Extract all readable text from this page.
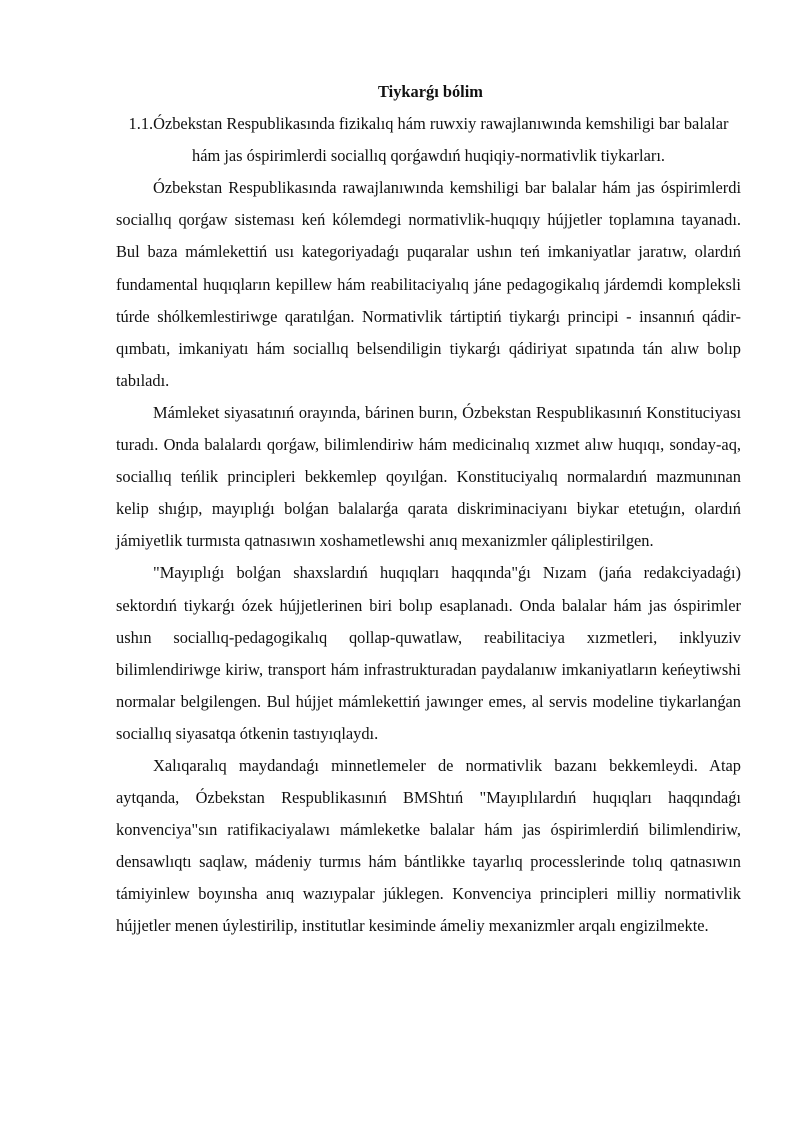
Tiykarǵı bólim

1.1.Ózbekstan Respublikasında fizikalıq hám ruwxiy rawajlanıwında kemshiligi bar balalar hám jas óspirimlerdi sociallıq qorǵawdıń huqiqiy-normativlik tiykarları.

Ózbekstan Respublikasında rawajlanıwında kemshiligi bar balalar hám jas óspirimlerdi sociallıq qorǵaw sisteması keń kólemdegi normativlik-huqıqıy hújjetler toplamına tayanadı. Bul baza mámlekettiń usı kategoriyadaǵı puqaralar ushın teń imkaniyatlar jaratıw, olardıń fundamental huqıqların kepillew hám reabilitaciyalıq jáne pedagogikalıq járdemdi kompleksli túrde shólkemlestiriwge qaratılǵan. Normativlik tártiptiń tiykarǵı principi - insannıń qádir-qımbatı, imkaniyatı hám sociallıq belsendiligin tiykarǵı qádiriyat sıpatında tán alıw bolıp tabıladı.

Mámleket siyasatınıń orayında, bárinen burın, Ózbekstan Respublikasınıń Konstituciyası turadı. Onda balalardı qorǵaw, bilimlendiriw hám medicinalıq xızmet alıw huqıqı, sonday-aq, sociallıq teńlik principleri bekkemlep qoyılǵan. Konstituciyalıq normalardıń mazmunınan kelip shıǵıp, mayıplıǵı bolǵan balalarǵa qarata diskriminaciyanı biykar etetuǵın, olardıń jámiyetlik turmısta qatnasıwın xoshametlewshi anıq mexanizmler qáliplestirilgen.

"Mayıplıǵı bolǵan shaxslardıń huqıqları haqqında"ǵı Nızam (jańa redakciyadaǵı) sektordıń tiykarǵı ózek hújjetlerinen biri bolıp esaplanadı. Onda balalar hám jas óspirimler ushın sociallıq-pedagogikalıq qollap-quwatlaw, reabilitaciya xızmetleri, inklyuziv bilimlendiriwge kiriw, transport hám infrastrukturadan paydalanıw imkaniyatların keńeytiwshi normalar belgilengen. Bul hújjet mámlekettiń jawınger emes, al servis modeline tiykarlanǵan sociallıq siyasatqa ótkenin tastıyıqlaydı.

Xalıqaralıq maydandaǵı minnetlemeler de normativlik bazanı bekkemleydi. Atap aytqanda, Ózbekstan Respublikasınıń BMShtıń "Mayıplılardıń huqıqları haqqındaǵı konvenciya"sın ratifikaciyalawı mámleketke balalar hám jas óspirimlerdiń bilimlendiriw, densawlıqtı saqlaw, mádeniy turmıs hám bántlikke tayarlıq processlerinde tolıq qatnasıwın támiyinlew boyınsha anıq wazıypalar júklegen. Konvenciya principleri milliy normativlik hújjetler menen úylestirilip, institutlar kesiminde ámeliy mexanizmler arqalı engizilmekte.
